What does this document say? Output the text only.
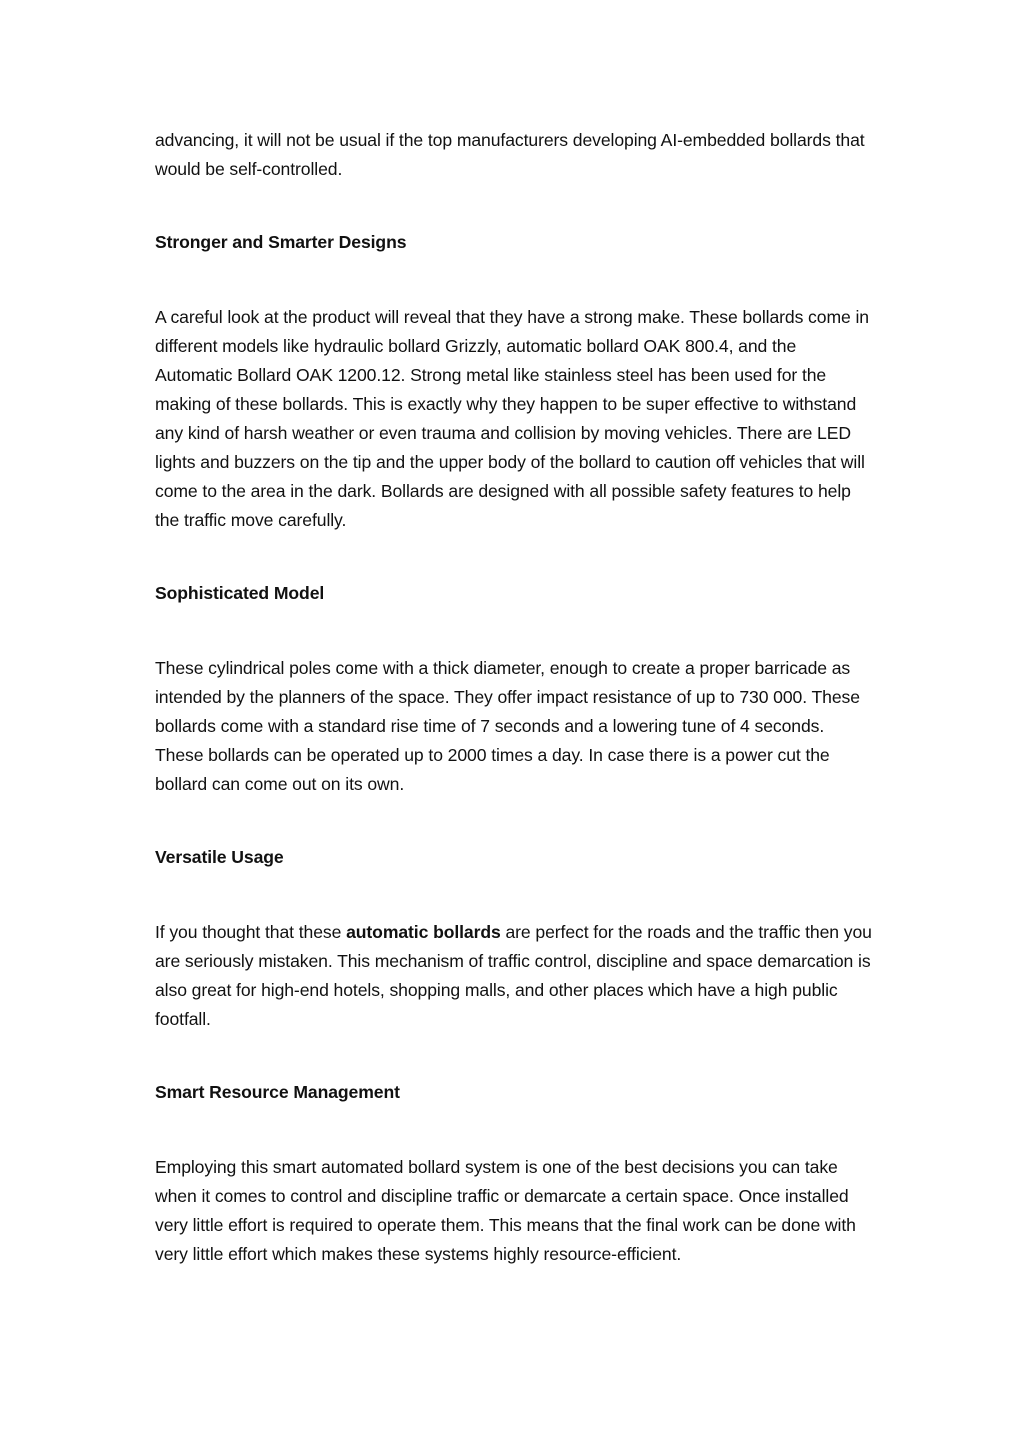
advancing, it will not be usual if the top manufacturers developing AI-embedded bollards that would be self-controlled.

Stronger and Smarter Designs

A careful look at the product will reveal that they have a strong make. These bollards come in different models like hydraulic bollard Grizzly, automatic bollard OAK 800.4, and the Automatic Bollard OAK 1200.12. Strong metal like stainless steel has been used for the making of these bollards. This is exactly why they happen to be super effective to withstand any kind of harsh weather or even trauma and collision by moving vehicles. There are LED lights and buzzers on the tip and the upper body of the bollard to caution off vehicles that will come to the area in the dark. Bollards are designed with all possible safety features to help the traffic move carefully.

Sophisticated Model

These cylindrical poles come with a thick diameter, enough to create a proper barricade as intended by the planners of the space. They offer impact resistance of up to 730 000. These bollards come with a standard rise time of 7 seconds and a lowering tune of 4 seconds. These bollards can be operated up to 2000 times a day. In case there is a power cut the bollard can come out on its own.

Versatile Usage

If you thought that these automatic bollards are perfect for the roads and the traffic then you are seriously mistaken. This mechanism of traffic control, discipline and space demarcation is also great for high-end hotels, shopping malls, and other places which have a high public footfall.

Smart Resource Management

Employing this smart automated bollard system is one of the best decisions you can take when it comes to control and discipline traffic or demarcate a certain space. Once installed very little effort is required to operate them. This means that the final work can be done with very little effort which makes these systems highly resource-efficient.
